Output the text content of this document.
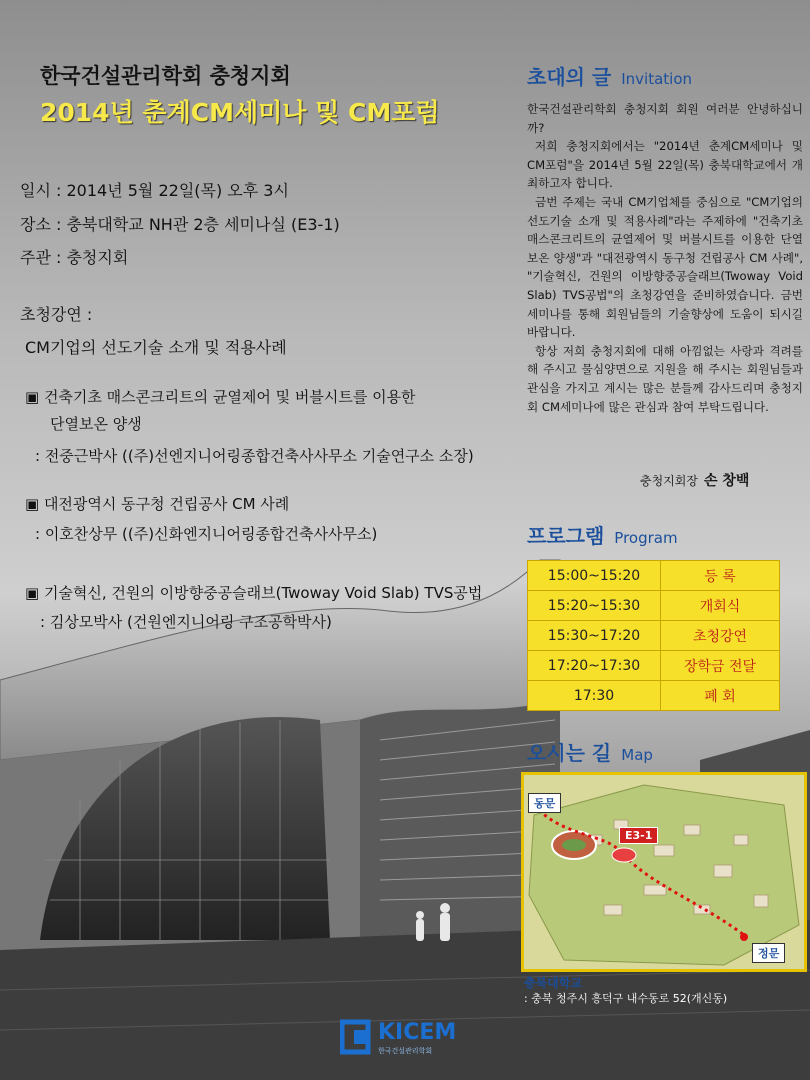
한국건설관리학회 충청지회
2014년 춘계CM세미나 및 CM포럼
일시 : 2014년 5월 22일(목) 오후 3시
장소 : 충북대학교 NH관 2층 세미나실 (E3-1)
주관 : 충청지회
초청강연 :
CM기업의 선도기술 소개 및 적용사례
▣ 건축기초 매스콘크리트의 균열제어 및 버블시트를 이용한
단열보온 양생
: 전중근박사 ((주)선엔지니어링종합건축사사무소 기술연구소 소장)
▣ 대전광역시 동구청 건립공사 CM 사례
: 이호찬상무 ((주)신화엔지니어링종합건축사사무소)
▣ 기술혁신, 건원의 이방향중공슬래브(Twoway Void Slab) TVS공법
: 김상모박사 (건원엔지니어링 구조공학박사)
초대의 글 Invitation

한국건설관리학회 충청지회 회원 여러분 안녕하십니까?

저희 충청지회에서는 "2014년 춘계CM세미나 및 CM포럼"을 2014년 5월 22일(목) 충북대학교에서 개최하고자 합니다.

금번 주제는 국내 CM기업체를 중심으로 "CM기업의 선도기술 소개 및 적용사례"라는 주제하에 "건축기초 매스콘크리트의 균열제어 및 버블시트를 이용한 단열보온 양생"과 "대전광역시 동구청 건립공사 CM 사례", "기술혁신, 건원의 이방향중공슬래브(Twoway Void Slab) TVS공법"의 초청강연을 준비하였습니다. 금번 세미나를 통해 회원님들의 기술향상에 도움이 되시길 바랍니다.

항상 저희 충청지회에 대해 아낌없는 사랑과 격려를 해 주시고 물심양면으로 지원을 해 주시는 회원님들과 관심을 가지고 계시는 많은 분들께 감사드리며 충청지회 CM세미나에 많은 관심과 참여 부탁드립니다.

충청지회장 손 창백
프로그램 Program
15:00~15:20	등 록
15:20~15:30	개회식
15:30~17:20	초청강연
17:20~17:30	장학금 전달
17:30	폐 회
오시는 길 Map
동문
E3-1
정문
충북대학교
: 충북 청주시 흥덕구 내수동로 52(개신동)
KICEM
한국건설관리학회
